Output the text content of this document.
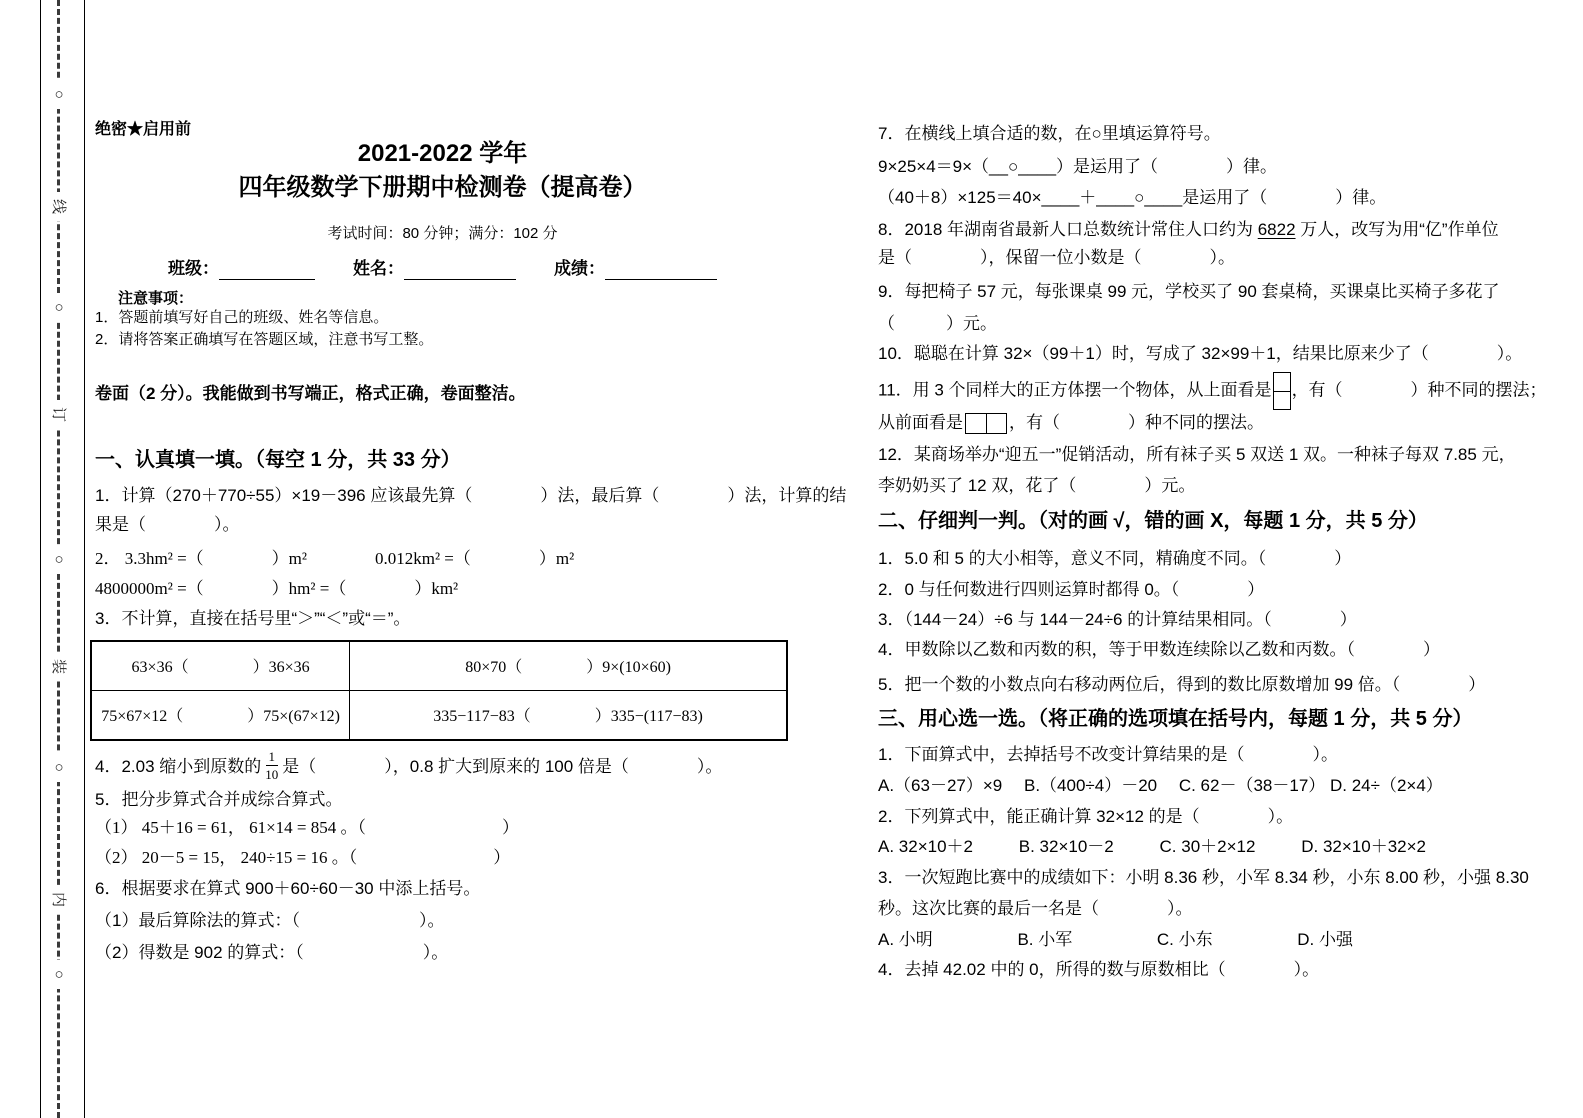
○
线
○
订
○
装
○
内
○
绝密★启用前
2021-2022 学年
四年级数学下册期中检测卷（提高卷）
考试时间：80 分钟；满分：102 分
班级：	姓名：	成绩：
注意事项：
1．答题前填写好自己的班级、姓名等信息。
2．请将答案正确填写在答题区域，注意书写工整。
卷面（2 分）。我能做到书写端正，格式正确，卷面整洁。
一、认真填一填。（每空 1 分，共 33 分）
1．计算（270＋770÷55）×19－396 应该最先算（　　　　）法，最后算（　　　　）法，计算的结
果是（　　　　）。
2． 3.3hm² =（　　　　）m²　　　　0.012km² =（　　　　）m²
4800000m² =（　　　　）hm² =（　　　　）km²
3．不计算，直接在括号里“＞”“＜”或“＝”。
63×36（　　　　）36×36	80×70（　　　　）9×(10×60)
75×67×12（　　　　）75×(67×12)	335−117−83（　　　　）335−(117−83)
4．2.03 缩小到原数的 $\frac{1}{10}$ 是（　　　　），0.8 扩大到原来的 100 倍是（　　　　）。
5．把分步算式合并成综合算式。
（1） 45＋16 = 61， 61×14 = 854 。（　　　　　　　　）
（2） 20－5 = 15， 240÷15 = 16 。（　　　　　　　　）
6．根据要求在算式 900＋60÷60－30 中添上括号。
（1）最后算除法的算式：（　　　　　　　）。
（2）得数是 902 的算式：（　　　　　　　）。
7．在横线上填合适的数，在○里填运算符号。
9×25×4＝9×（__○____）是运用了（　　　　）律。
（40＋8）×125＝40×____＋____○____是运用了（　　　　）律。
8．2018 年湖南省最新人口总数统计常住人口约为 6822 万人，改写为用“亿”作单位
是（　　　　），保留一位小数是（　　　　）。
9．每把椅子 57 元，每张课桌 99 元，学校买了 90 套桌椅，买课桌比买椅子多花了
（　　　）元。
10．聪聪在计算 32×（99＋1）时，写成了 32×99＋1，结果比原来少了（　　　　）。
11．用 3 个同样大的正方体摆一个物体，从上面看是 ，有（　　　　）种不同的摆法；
从前面看是	，有（　　　　）种不同的摆法。
12．某商场举办“迎五一”促销活动，所有袜子买 5 双送 1 双。一种袜子每双 7.85 元，
李奶奶买了 12 双，花了（　　　　）元。
二、仔细判一判。（对的画 √，错的画 X，每题 1 分，共 5 分）
1．5.0 和 5 的大小相等，意义不同，精确度不同。（　　　　）
2．0 与任何数进行四则运算时都得 0。（　　　　）
3．（144－24）÷6 与 144－24÷6 的计算结果相同。（　　　　）
4．甲数除以乙数和丙数的积，等于甲数连续除以乙数和丙数。（　　　　）
5．把一个数的小数点向右移动两位后，得到的数比原数增加 99 倍。（　　　　）
三、用心选一选。（将正确的选项填在括号内，每题 1 分，共 5 分）
1．下面算式中，去掉括号不改变计算结果的是（　　　　）。
A.（63－27）×9　 B.（400÷4）－20 　C. 62－（38－17） D. 24÷（2×4）
2．下列算式中，能正确计算 32×12 的是（　　　　）。
A. 32×10＋2	B. 32×10－2	C. 30＋2×12	D. 32×10＋32×2
3．一次短跑比赛中的成绩如下：小明 8.36 秒，小军 8.34 秒，小东 8.00 秒，小强 8.30
秒。这次比赛的最后一名是（　　　　）。
A. 小明	B. 小军	C. 小东	D. 小强
4．去掉 42.02 中的 0，所得的数与原数相比（　　　　）。
